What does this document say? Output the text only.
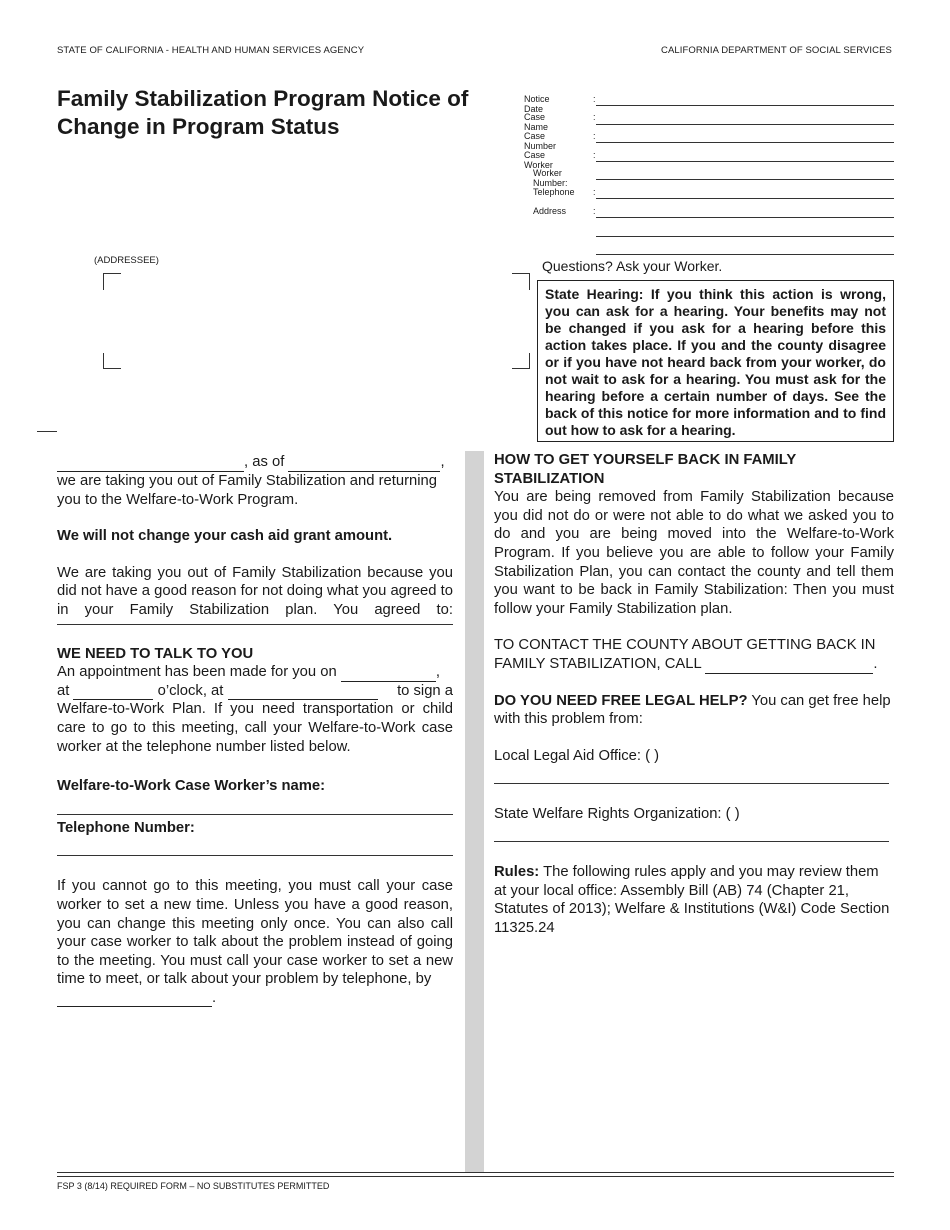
STATE OF CALIFORNIA - HEALTH AND HUMAN SERVICES AGENCY	CALIFORNIA DEPARTMENT OF SOCIAL SERVICES
Family Stabilization Program Notice of Change in Program Status
Notice Date
:
Case Name
:
Case Number
:
Case Worker
:
Worker Number:
Telephone :
Address	:
(ADDRESSEE)	Questions? Ask your Worker.
State Hearing: If you think this action is wrong, you can ask for a hearing. Your benefits may not be changed if you ask for a hearing before this action takes place. If you and the county disagree or if you have not heard back from your worker, do not wait to ask for a hearing. You must ask for the hearing before a certain number of days. See the back of this notice for more information and to find out how to ask for a hearing.
, as of	,
we are taking you out of Family Stabilization and returning you to the Welfare-to-Work Program.
We will not change your cash aid grant amount.
We are taking you out of Family Stabilization because you did not have a good reason for not doing what you agreed to in your Family Stabilization plan. You agreed to:
WE NEED TO TALK TO YOU
An appointment has been made for you on	,
at	o’clock, at	to sign a
Welfare-to-Work Plan. If you need transportation or child care to go to this meeting, call your Welfare-to-Work case worker at the telephone number listed below.
Welfare-to-Work Case Worker’s name:
Telephone Number:
If you cannot go to this meeting, you must call your case worker to set a new time. Unless you have a good reason, you can change this meeting only once. You can also call your case worker to talk about the problem instead of going to the meeting. You must call your case worker to set a new time to meet, or talk about your problem by telephone, by
.
HOW TO GET YOURSELF BACK IN FAMILY STABILIZATION
You are being removed from Family Stabilization because you did not do or were not able to do what we asked you to do and you are being moved into the Welfare-to-Work Program. If you believe you are able to follow your Family Stabilization Plan, you can contact the county and tell them you want to be back in Family Stabilization: Then you must follow your Family Stabilization plan.
TO CONTACT THE COUNTY ABOUT GETTING BACK IN
FAMILY STABILIZATION, CALL	.
DO YOU NEED FREE LEGAL HELP? You can get free help with this problem from:
Local Legal Aid Office: ( )
State Welfare Rights Organization: ( )
Rules: The following rules apply and you may review them at your local office: Assembly Bill (AB) 74 (Chapter 21, Statutes of 2013); Welfare & Institutions (W&I) Code Section 11325.24
FSP 3 (8/14) REQUIRED FORM – NO SUBSTITUTES PERMITTED
